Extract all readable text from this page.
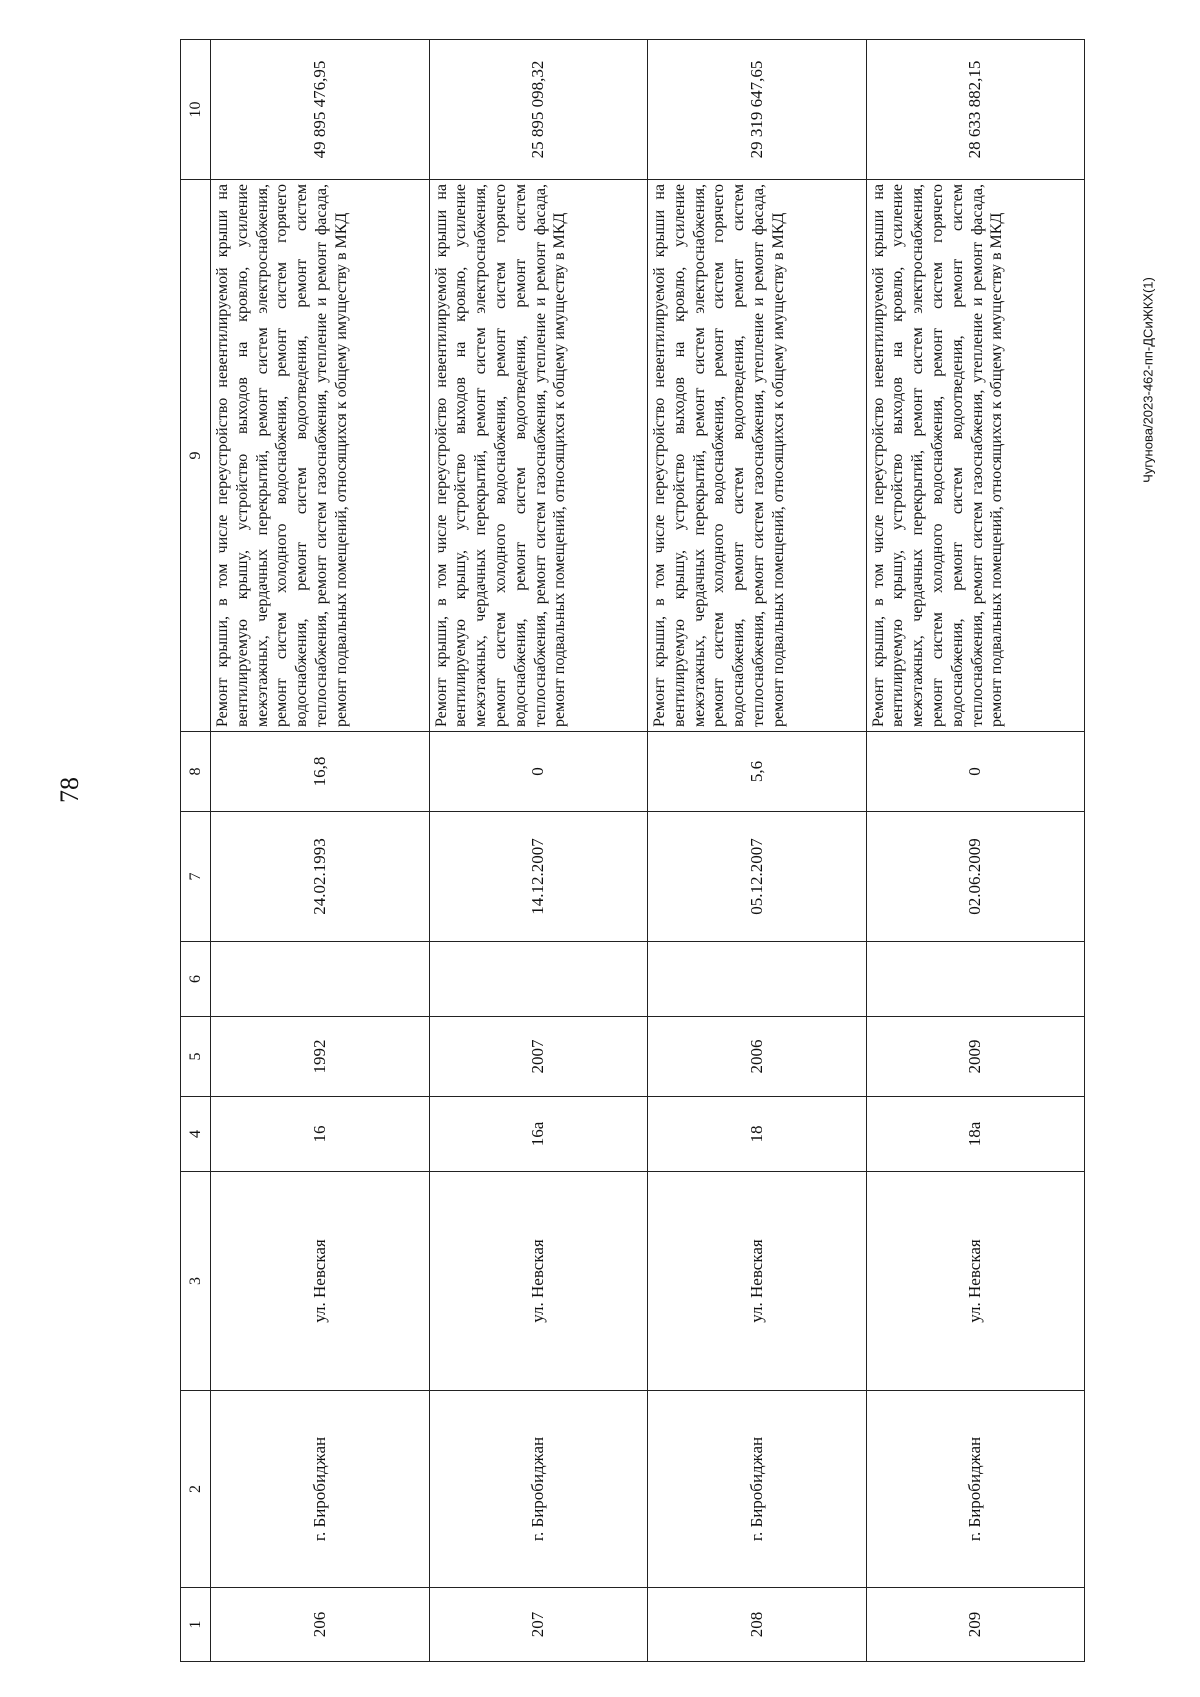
78
Чугунова/2023-462-пп-ДСиЖКХ(1)
1	2	3	4	5	6	7	8	9	10
206	г. Биробиджан	ул. Невская	16	1992		24.02.1993	16,8	Ремонт крыши, в том числе переустройство невентилируемой крыши на вентилируемую крышу, устройство выходов на кровлю, усиление межэтажных, чердачных перекрытий, ремонт систем электроснабжения, ремонт систем холодного водоснабжения, ремонт систем горячего водоснабжения, ремонт систем водоотведения, ремонт систем теплоснабжения, ремонт систем газоснабжения, утепление и ремонт фасада, ремонт подвальных помещений, относящихся к общему имуществу в МКД	49 895 476,95
207	г. Биробиджан	ул. Невская	16а	2007		14.12.2007	0	Ремонт крыши, в том числе переустройство невентилируемой крыши на вентилируемую крышу, устройство выходов на кровлю, усиление межэтажных, чердачных перекрытий, ремонт систем электроснабжения, ремонт систем холодного водоснабжения, ремонт систем горячего водоснабжения, ремонт систем водоотведения, ремонт систем теплоснабжения, ремонт систем газоснабжения, утепление и ремонт фасада, ремонт подвальных помещений, относящихся к общему имуществу в МКД	25 895 098,32
208	г. Биробиджан	ул. Невская	18	2006		05.12.2007	5,6	Ремонт крыши, в том числе переустройство невентилируемой крыши на вентилируемую крышу, устройство выходов на кровлю, усиление межэтажных, чердачных перекрытий, ремонт систем электроснабжения, ремонт систем холодного водоснабжения, ремонт систем горячего водоснабжения, ремонт систем водоотведения, ремонт систем теплоснабжения, ремонт систем газоснабжения, утепление и ремонт фасада, ремонт подвальных помещений, относящихся к общему имуществу в МКД	29 319 647,65
209	г. Биробиджан	ул. Невская	18а	2009		02.06.2009	0	Ремонт крыши, в том числе переустройство невентилируемой крыши на вентилируемую крышу, устройство выходов на кровлю, усиление межэтажных, чердачных перекрытий, ремонт систем электроснабжения, ремонт систем холодного водоснабжения, ремонт систем горячего водоснабжения, ремонт систем водоотведения, ремонт систем теплоснабжения, ремонт систем газоснабжения, утепление и ремонт фасада, ремонт подвальных помещений, относящихся к общему имуществу в МКД	28 633 882,15
